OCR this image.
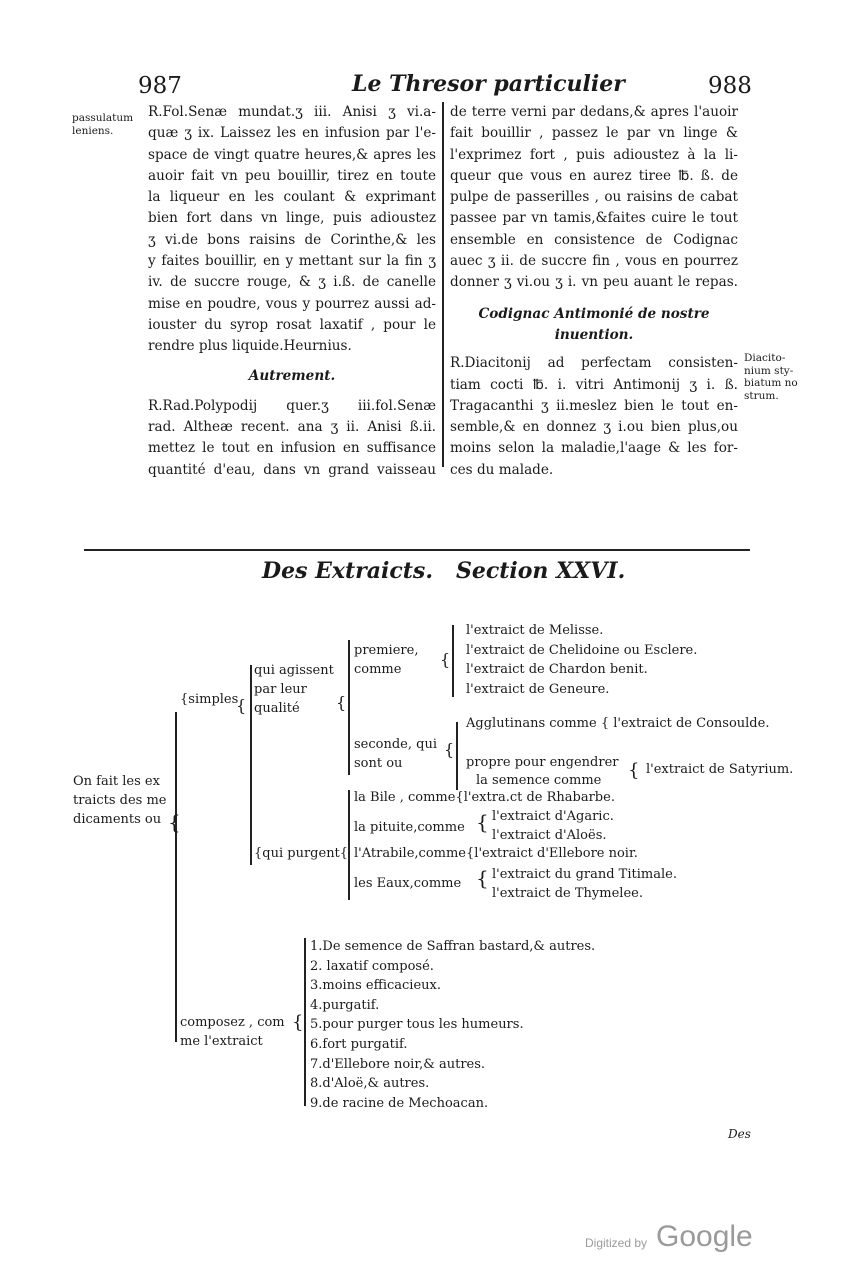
987	Le Thresor particulier	988
passulatum
leniens.
R.Fol.Senæ mundat.ʒ iii. Anisi ʒ vi.a-
quæ ʒ ix. Laissez les en infusion par l'e-
space de vingt quatre heures,& apres les
auoir fait vn peu bouillir, tirez en toute
la liqueur en les coulant & exprimant
bien fort dans vn linge, puis adioustez
ʒ vi.de bons raisins de Corinthe,& les
y faites bouillir, en y mettant sur la fin ʒ
iv. de succre rouge, & ʒ i.ß. de canelle
mise en poudre, vous y pourrez aussi ad-
iouster du syrop rosat laxatif , pour le
rendre plus liquide.Heurnius.
Autrement.
R.Rad.Polypodij quer.ʒ iii.fol.Senæ
rad. Altheæ recent. ana ʒ ii. Anisi ß.ii.
mettez le tout en infusion en suffisance
quantité d'eau, dans vn grand vaisseau
de terre verni par dedans,& apres l'auoir
fait bouillir , passez le par vn linge &
l'exprimez fort , puis adioustez à la li-
queur que vous en aurez tiree ℔. ß. de
pulpe de passerilles , ou raisins de cabat
passee par vn tamis,&faites cuire le tout
ensemble en consistence de Codignac
auec ʒ ii. de succre fin , vous en pourrez
donner ʒ vi.ou ʒ i. vn peu auant le repas.
Codignac Antimonié de nostre
inuention.
R.Diacitonij ad perfectam consisten-
tiam cocti ℔. i. vitri Antimonij ʒ i. ß.
Tragacanthi ʒ ii.meslez bien le tout en-
semble,& en donnez ʒ i.ou bien plus,ou
moins selon la maladie,l'aage & les for-
ces du malade.
Diacito-
nium sty-
biatum no
strum.
Des Extraicts.   Section XXVI.
On fait les ex
traicts des me
dicaments ou {
{simples
{
qui agissent
par leur
qualité	{
premiere,
comme
{
l'extraict de Melisse.
l'extraict de Chelidoine ou Esclere.
l'extraict de Chardon benit.
l'extraict de Geneure.
seconde, qui
sont ou
{
Agglutinans comme { l'extraict de Consoulde.
propre pour engendrer
la semence comme	{ l'extraict de Satyrium.
{qui purgent{
la Bile , comme{l'extra.ct de Rhabarbe.
la pituite,comme { l'extraict d'Agaric.
l'extraict d'Aloës.
l'Atrabile,comme{l'extraict d'Ellebore noir.
les Eaux,comme { l'extraict du grand Titimale.
l'extraict de Thymelee.
composez , com
me l'extraict
{
1.De semence de Saffran bastard,& autres.
2. laxatif composé.
3.moins efficacieux.
4.purgatif.
5.pour purger tous les humeurs.
6.fort purgatif.
7.d'Ellebore noir,& autres.
8.d'Aloë,& autres.
9.de racine de Mechoacan.
Des
Digitized by Google
